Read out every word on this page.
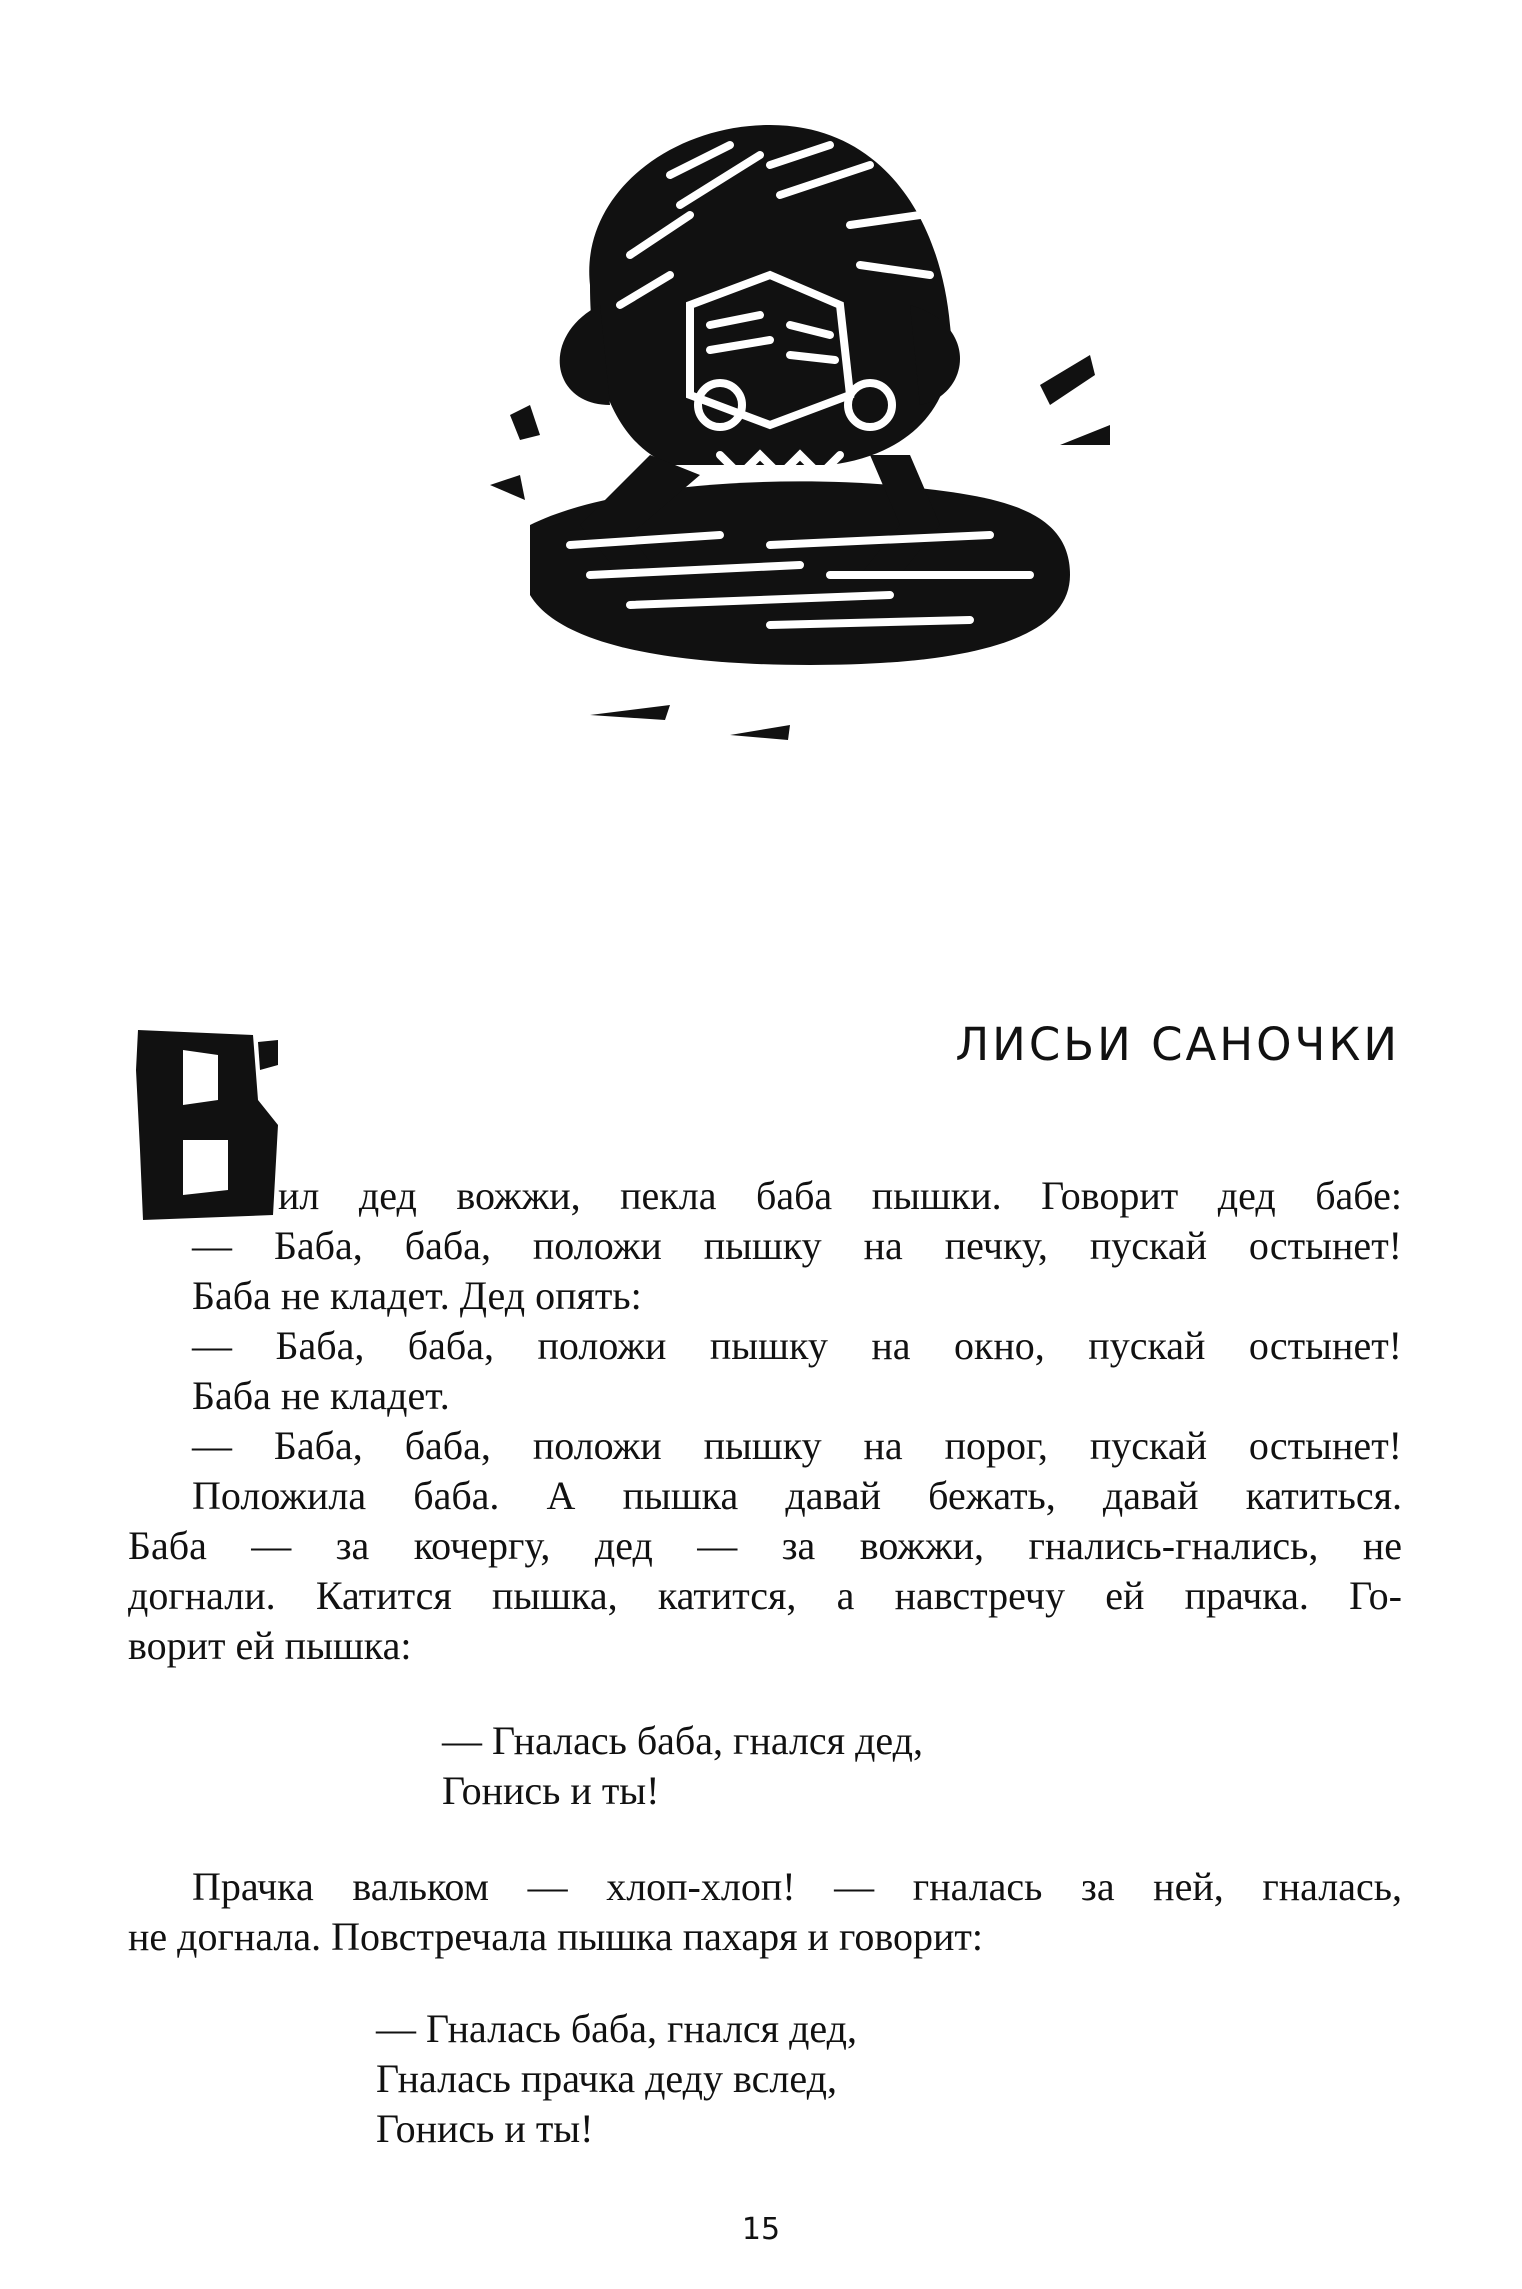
ЛИСЬИ САНОЧКИ
ил дед вожжи, пекла баба пышки. Говорит дед бабе:
— Баба, баба, положи пышку на печку, пускай остынет!
Баба не кладет. Дед опять:
— Баба, баба, положи пышку на окно, пускай остынет!
Баба не кладет.
— Баба, баба, положи пышку на порог, пускай остынет!
Положила баба. А пышка давай бежать, давай катиться.
Баба — за кочергу, дед — за вожжи, гнались-гнались, не
догнали. Катится пышка, катится, а навстречу ей прачка. Го-
ворит ей пышка:
— Гналась баба, гнался дед,
Гонись и ты!
Прачка вальком — хлоп-хлоп! — гналась за ней, гналась,
не догнала. Повстречала пышка пахаря и говорит:
— Гналась баба, гнался дед,
Гналась прачка деду вслед,
Гонись и ты!
15
